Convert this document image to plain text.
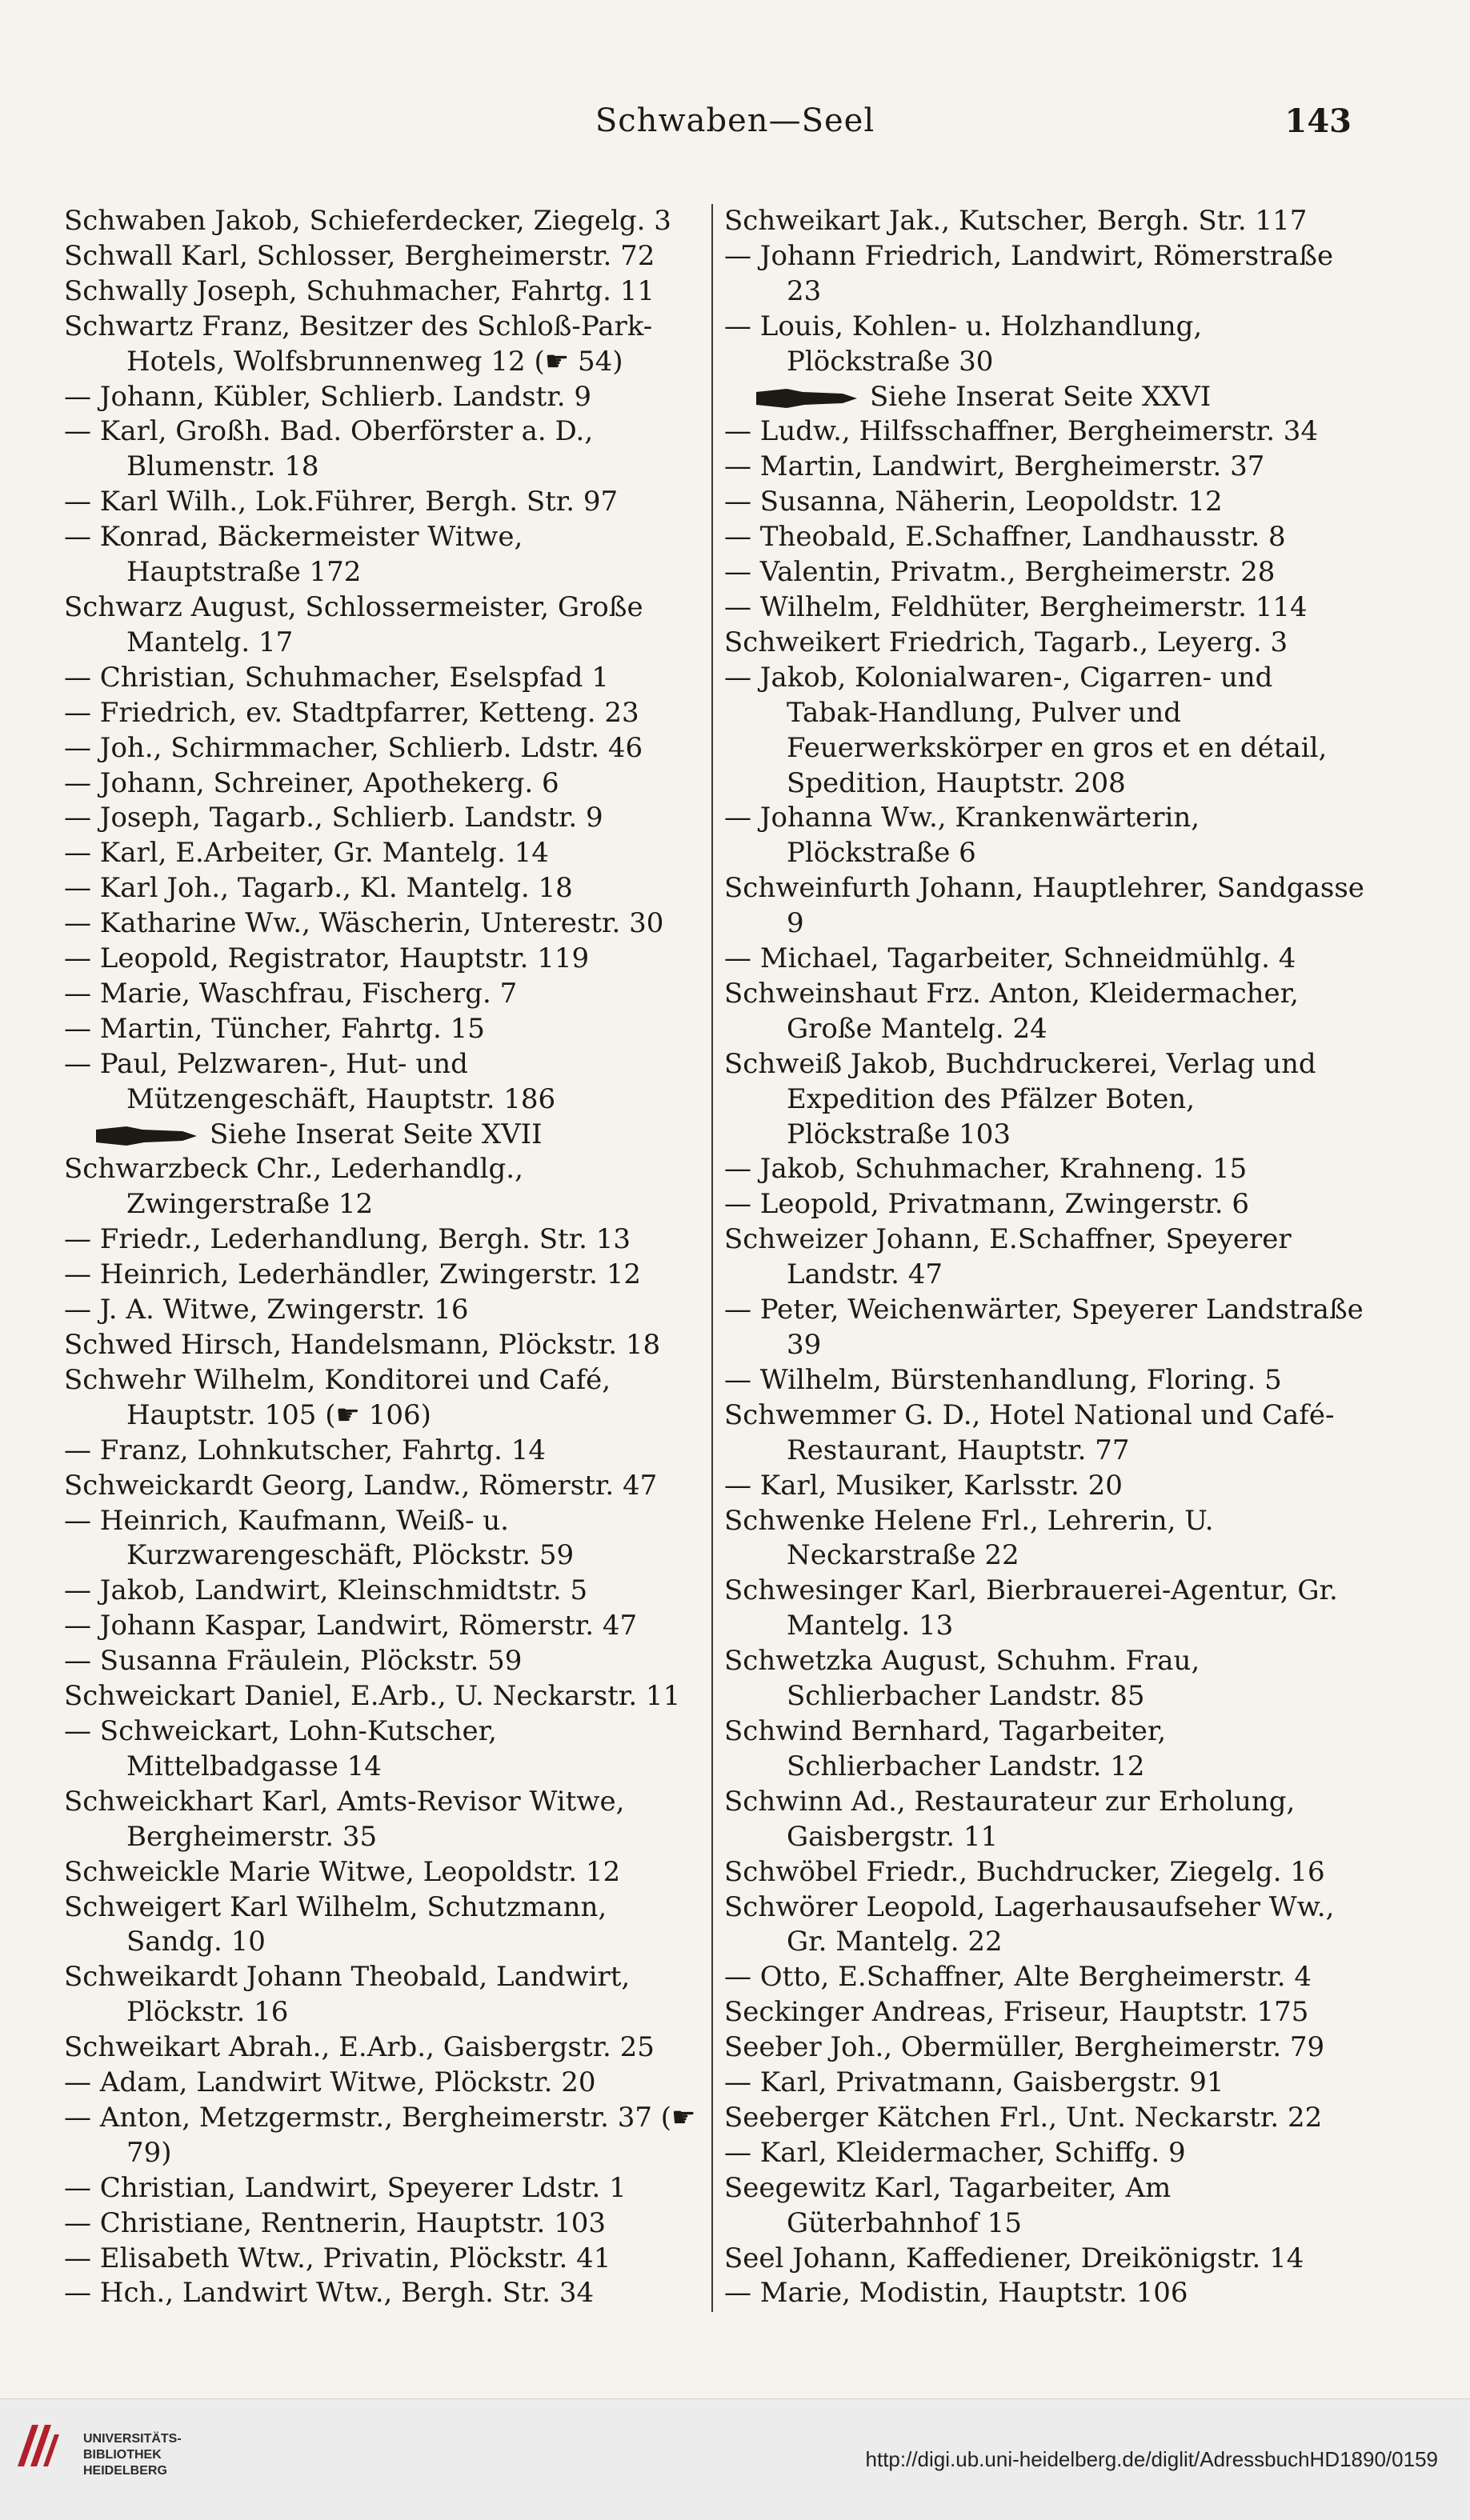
Schwaben—Seel	143
Schwaben Jakob, Schieferdecker, Ziegelg. 3
Schwall Karl, Schlosser, Bergheimerstr. 72
Schwally Joseph, Schuhmacher, Fahrtg. 11
Schwartz Franz, Besitzer des Schloß-Park-Hotels, Wolfsbrunnenweg 12 (☛ 54)
— Johann, Kübler, Schlierb. Landstr. 9
— Karl, Großh. Bad. Oberförster a. D., Blumenstr. 18
— Karl Wilh., Lok.Führer, Bergh. Str. 97
— Konrad, Bäckermeister Witwe, Hauptstraße 172
Schwarz August, Schlossermeister, Große Mantelg. 17
— Christian, Schuhmacher, Eselspfad 1
— Friedrich, ev. Stadtpfarrer, Ketteng. 23
— Joh., Schirmmacher, Schlierb. Ldstr. 46
— Johann, Schreiner, Apothekerg. 6
— Joseph, Tagarb., Schlierb. Landstr. 9
— Karl, E.Arbeiter, Gr. Mantelg. 14
— Karl Joh., Tagarb., Kl. Mantelg. 18
— Katharine Ww., Wäscherin, Unterestr. 30
— Leopold, Registrator, Hauptstr. 119
— Marie, Waschfrau, Fischerg. 7
— Martin, Tüncher, Fahrtg. 15
— Paul, Pelzwaren-, Hut- und Mützengeschäft, Hauptstr. 186
Siehe Inserat Seite XVII
Schwarzbeck Chr., Lederhandlg., Zwingerstraße 12
— Friedr., Lederhandlung, Bergh. Str. 13
— Heinrich, Lederhändler, Zwingerstr. 12
— J. A. Witwe, Zwingerstr. 16
Schwed Hirsch, Handelsmann, Plöckstr. 18
Schwehr Wilhelm, Konditorei und Café, Hauptstr. 105 (☛ 106)
— Franz, Lohnkutscher, Fahrtg. 14
Schweickardt Georg, Landw., Römerstr. 47
— Heinrich, Kaufmann, Weiß- u. Kurzwarengeschäft, Plöckstr. 59
— Jakob, Landwirt, Kleinschmidtstr. 5
— Johann Kaspar, Landwirt, Römerstr. 47
— Susanna Fräulein, Plöckstr. 59
Schweickart Daniel, E.Arb., U. Neckarstr. 11
— Schweickart, Lohn-Kutscher, Mittelbadgasse 14
Schweickhart Karl, Amts-Revisor Witwe, Bergheimerstr. 35
Schweickle Marie Witwe, Leopoldstr. 12
Schweigert Karl Wilhelm, Schutzmann, Sandg. 10
Schweikardt Johann Theobald, Landwirt, Plöckstr. 16
Schweikart Abrah., E.Arb., Gaisbergstr. 25
— Adam, Landwirt Witwe, Plöckstr. 20
— Anton, Metzgermstr., Bergheimerstr. 37 (☛ 79)
— Christian, Landwirt, Speyerer Ldstr. 1
— Christiane, Rentnerin, Hauptstr. 103
— Elisabeth Wtw., Privatin, Plöckstr. 41
— Hch., Landwirt Wtw., Bergh. Str. 34
Schweikart Jak., Kutscher, Bergh. Str. 117
— Johann Friedrich, Landwirt, Römerstraße 23
— Louis, Kohlen- u. Holzhandlung, Plöckstraße 30
Siehe Inserat Seite XXVI
— Ludw., Hilfsschaffner, Bergheimerstr. 34
— Martin, Landwirt, Bergheimerstr. 37
— Susanna, Näherin, Leopoldstr. 12
— Theobald, E.Schaffner, Landhausstr. 8
— Valentin, Privatm., Bergheimerstr. 28
— Wilhelm, Feldhüter, Bergheimerstr. 114
Schweikert Friedrich, Tagarb., Leyerg. 3
— Jakob, Kolonialwaren-, Cigarren- und Tabak-Handlung, Pulver und Feuerwerkskörper en gros et en détail, Spedition, Hauptstr. 208
— Johanna Ww., Krankenwärterin, Plöckstraße 6
Schweinfurth Johann, Hauptlehrer, Sandgasse 9
— Michael, Tagarbeiter, Schneidmühlg. 4
Schweinshaut Frz. Anton, Kleidermacher, Große Mantelg. 24
Schweiß Jakob, Buchdruckerei, Verlag und Expedition des Pfälzer Boten, Plöckstraße 103
— Jakob, Schuhmacher, Krahneng. 15
— Leopold, Privatmann, Zwingerstr. 6
Schweizer Johann, E.Schaffner, Speyerer Landstr. 47
— Peter, Weichenwärter, Speyerer Landstraße 39
— Wilhelm, Bürstenhandlung, Floring. 5
Schwemmer G. D., Hotel National und Café-Restaurant, Hauptstr. 77
— Karl, Musiker, Karlsstr. 20
Schwenke Helene Frl., Lehrerin, U. Neckarstraße 22
Schwesinger Karl, Bierbrauerei-Agentur, Gr. Mantelg. 13
Schwetzka August, Schuhm. Frau, Schlierbacher Landstr. 85
Schwind Bernhard, Tagarbeiter, Schlierbacher Landstr. 12
Schwinn Ad., Restaurateur zur Erholung, Gaisbergstr. 11
Schwöbel Friedr., Buchdrucker, Ziegelg. 16
Schwörer Leopold, Lagerhausaufseher Ww., Gr. Mantelg. 22
— Otto, E.Schaffner, Alte Bergheimerstr. 4
Seckinger Andreas, Friseur, Hauptstr. 175
Seeber Joh., Obermüller, Bergheimerstr. 79
— Karl, Privatmann, Gaisbergstr. 91
Seeberger Kätchen Frl., Unt. Neckarstr. 22
— Karl, Kleidermacher, Schiffg. 9
Seegewitz Karl, Tagarbeiter, Am Güterbahnhof 15
Seel Johann, Kaffediener, Dreikönigstr. 14
— Marie, Modistin, Hauptstr. 106
UNIVERSITÄTS-
BIBLIOTHEK
HEIDELBERG	http://digi.ub.uni-heidelberg.de/diglit/AdressbuchHD1890/0159
